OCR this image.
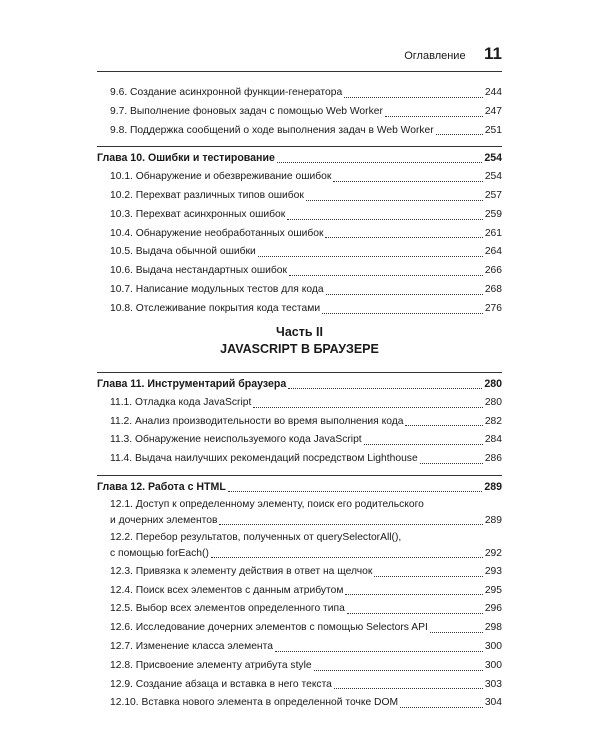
Оглавление 11
9.6. Создание асинхронной функции-генератора	244
9.7. Выполнение фоновых задач с помощью Web Worker	247
9.8. Поддержка сообщений о ходе выполнения задач в Web Worker	251
Глава 10. Ошибки и тестирование	254
10.1. Обнаружение и обезвреживание ошибок	254
10.2. Перехват различных типов ошибок	257
10.3. Перехват асинхронных ошибок	259
10.4. Обнаружение необработанных ошибок	261
10.5. Выдача обычной ошибки	264
10.6. Выдача нестандартных ошибок	266
10.7. Написание модульных тестов для кода	268
10.8. Отслеживание покрытия кода тестами	276
Часть II
JAVASCRIPT В БРАУЗЕРЕ
Глава 11. Инструментарий браузера	280
11.1. Отладка кода JavaScript	280
11.2. Анализ производительности во время выполнения кода	282
11.3. Обнаружение неиспользуемого кода JavaScript	284
11.4. Выдача наилучших рекомендаций посредством Lighthouse	286
Глава 12. Работа с HTML	289
12.1. Доступ к определенному элементу, поиск его родительского
и дочерних элементов	289
12.2. Перебор результатов, полученных от querySelectorAll(),
с помощью forEach()	292
12.3. Привязка к элементу действия в ответ на щелчок	293
12.4. Поиск всех элементов с данным атрибутом	295
12.5. Выбор всех элементов определенного типа	296
12.6. Исследование дочерних элементов с помощью Selectors API	298
12.7. Изменение класса элемента	300
12.8. Присвоение элементу атрибута style	300
12.9. Создание абзаца и вставка в него текста	303
12.10. Вставка нового элемента в определенной точке DOM	304
